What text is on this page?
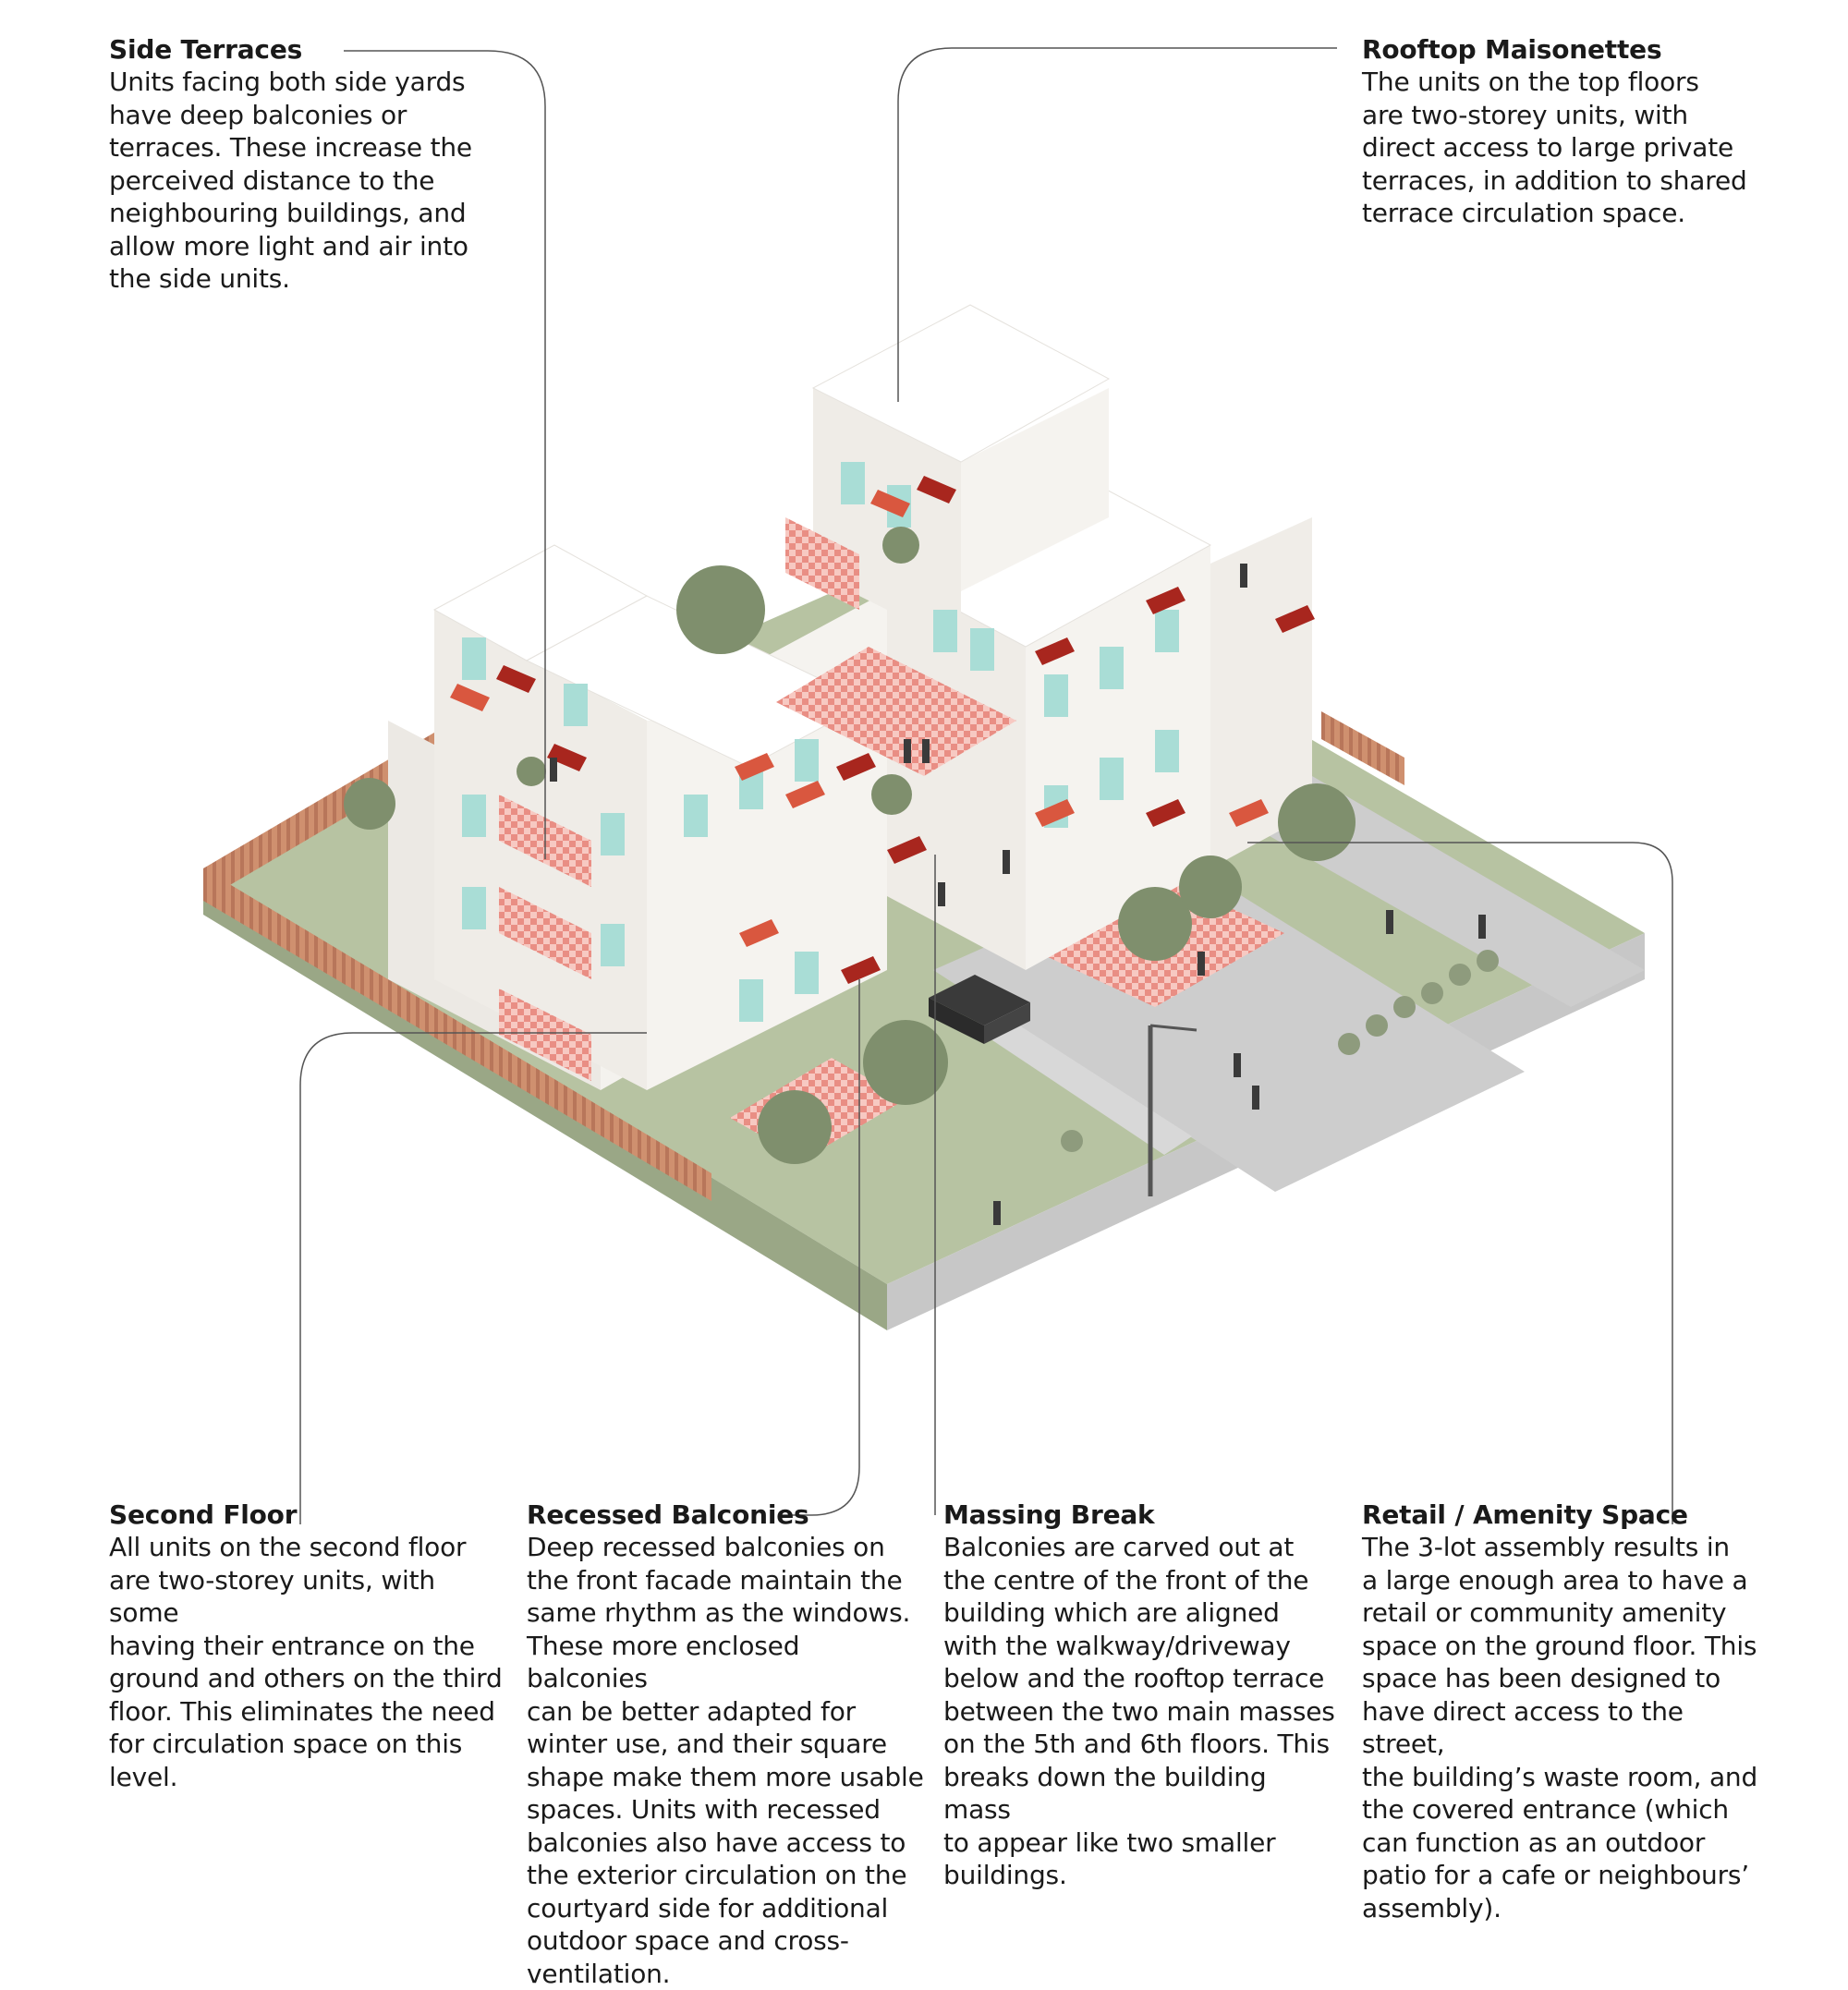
Side Terraces

Units facing both side yards
have deep balconies or
terraces. These increase the
perceived distance to the
neighbouring buildings, and
allow more light and air into
the side units.

Rooftop Maisonettes

The units on the top floors
are two-storey units, with
direct access to large private
terraces, in addition to shared
terrace circulation space.

Second Floor

All units on the second floor
are two-storey units, with some
having their entrance on the
ground and others on the third
floor. This eliminates the need
for circulation space on this
level.

Recessed Balconies

Deep recessed balconies on
the front facade maintain the
same rhythm as the windows.
These more enclosed balconies
can be better adapted for
winter use, and their square
shape make them more usable
spaces. Units with recessed
balconies also have access to
the exterior circulation on the
courtyard side for additional
outdoor space and cross-
ventilation.

Massing Break

Balconies are carved out at
the centre of the front of the
building which are aligned
with the walkway/driveway
below and the rooftop terrace
between the two main masses
on the 5th and 6th floors. This
breaks down the building mass
to appear like two smaller
buildings.

Retail / Amenity Space

The 3-lot assembly results in
a large enough area to have a
retail or community amenity
space on the ground floor. This
space has been designed to
have direct access to the street,
the building’s waste room, and
the covered entrance (which
can function as an outdoor
patio for a cafe or neighbours’
assembly).
